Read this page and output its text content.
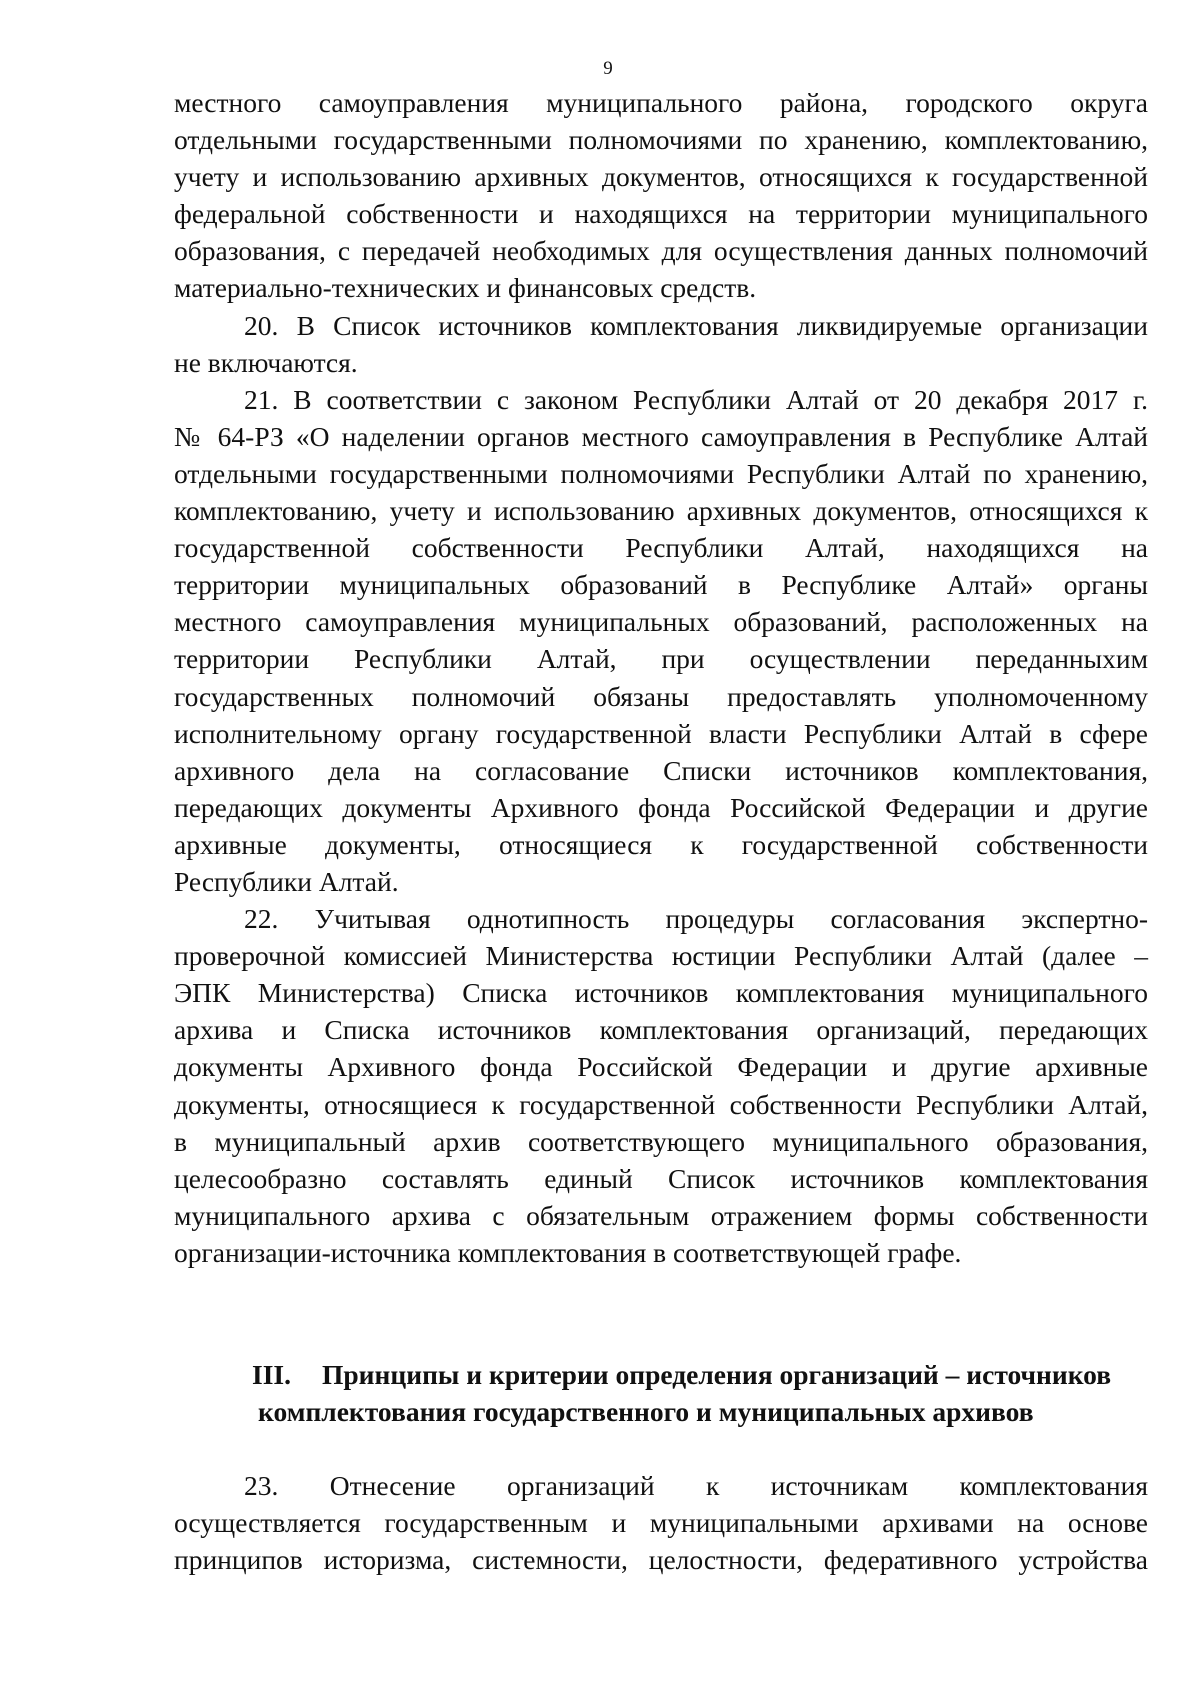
9
местного самоуправления муниципального района, городского округа
отдельными государственными полномочиями по хранению, комплектованию,
учету и использованию архивных документов, относящихся к государственной
федеральной собственности и находящихся на территории муниципального
образования, с передачей необходимых для осуществления данных полномочий
материально-технических и финансовых средств.
20. В Список источников комплектования ликвидируемые организации
не включаются.
21. В соответствии с законом Республики Алтай от 20 декабря 2017 г.
№ 64-РЗ «О наделении органов местного самоуправления в Республике Алтай
отдельными государственными полномочиями Республики Алтай по хранению,
комплектованию, учету и использованию архивных документов, относящихся к
государственной собственности Республики Алтай, находящихся на
территории муниципальных образований в Республике Алтай» органы
местного самоуправления муниципальных образований, расположенных на
территории Республики Алтай, при осуществлении переданныхим
государственных полномочий обязаны предоставлять уполномоченному
исполнительному органу государственной власти Республики Алтай в сфере
архивного дела на согласование Списки источников комплектования,
передающих документы Архивного фонда Российской Федерации и другие
архивные документы, относящиеся к государственной собственности
Республики Алтай.
22. Учитывая однотипность процедуры согласования экспертно-
проверочной комиссией Министерства юстиции Республики Алтай (далее –
ЭПК Министерства) Списка источников комплектования муниципального
архива и Списка источников комплектования организаций, передающих
документы Архивного фонда Российской Федерации и другие архивные
документы, относящиеся к государственной собственности Республики Алтай,
в муниципальный архив соответствующего муниципального образования,
целесообразно составлять единый Список источников комплектования
муниципального архива с обязательным отражением формы собственности
организации-источника комплектования в соответствующей графе.
III. Принципы и критерии определения организаций – источников
комплектования государственного и муниципальных архивов
23. Отнесение организаций к источникам комплектования
осуществляется государственным и муниципальными архивами на основе
принципов историзма, системности, целостности, федеративного устройства
